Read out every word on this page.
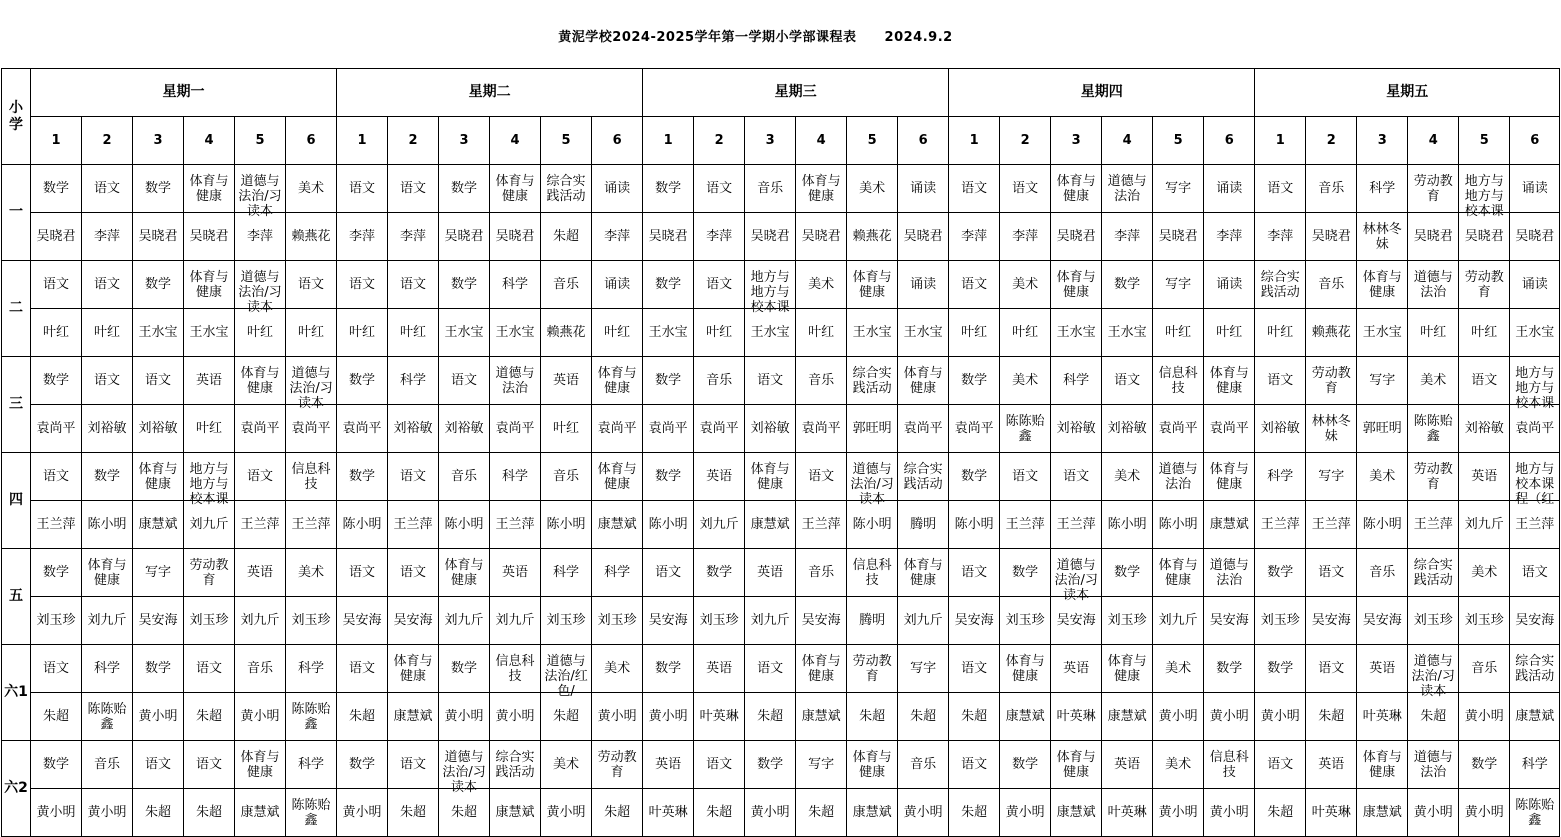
黄泥学校2024-2025学年第一学期小学部课程表 2024.9.2
小
学	星期一						星期二						星期三						星期四						星期五					
	1	2	3	4	5	6	1	2	3	4	5	6	1	2	3	4	5	6	1	2	3	4	5	6	1	2	3	4	5	6
一	数学	语文	数学	体育与健康	道德与法治/习读本	美术	语文	语文	数学	体育与健康	综合实践活动	诵读	数学	语文	音乐	体育与健康	美术	诵读	语文	语文	体育与健康	道德与法治	写字	诵读	语文	音乐	科学	劳动教育	地方与地方与校本课	诵读

	吴晓君	李萍	吴晓君	吴晓君	李萍	赖燕花	李萍	李萍	吴晓君	吴晓君	朱超	李萍	吴晓君	李萍	吴晓君	吴晓君	赖燕花	吴晓君	李萍	李萍	吴晓君	李萍	吴晓君	李萍	李萍	吴晓君	林林冬妹	吴晓君	吴晓君	吴晓君

二	语文	语文	数学	体育与健康	道德与法治/习读本	语文	语文	语文	数学	科学	音乐	诵读	数学	语文	地方与地方与校本课	美术	体育与健康	诵读	语文	美术	体育与健康	数学	写字	诵读	综合实践活动	音乐	体育与健康	道德与法治	劳动教育	诵读

	叶红	叶红	王水宝	王水宝	叶红	叶红	叶红	叶红	王水宝	王水宝	赖燕花	叶红	王水宝	叶红	王水宝	叶红	王水宝	王水宝	叶红	叶红	王水宝	王水宝	叶红	叶红	叶红	赖燕花	王水宝	叶红	叶红	王水宝

三	数学	语文	语文	英语	体育与健康	道德与法治/习读本	数学	科学	语文	道德与法治	英语	体育与健康	数学	音乐	语文	音乐	综合实践活动	体育与健康	数学	美术	科学	语文	信息科技	体育与健康	语文	劳动教育	写字	美术	语文	地方与地方与校本课

	袁尚平	刘裕敏	刘裕敏	叶红	袁尚平	袁尚平	袁尚平	刘裕敏	刘裕敏	袁尚平	叶红	袁尚平	袁尚平	袁尚平	刘裕敏	袁尚平	郭旺明	袁尚平	袁尚平	陈陈贻鑫	刘裕敏	刘裕敏	袁尚平	袁尚平	刘裕敏	林林冬妹	郭旺明	陈陈贻鑫	刘裕敏	袁尚平

四	语文	数学	体育与健康	地方与地方与校本课	语文	信息科技	数学	语文	音乐	科学	音乐	体育与健康	数学	英语	体育与健康	语文	道德与法治/习读本	综合实践活动	数学	语文	语文	美术	道德与法治	体育与健康	科学	写字	美术	劳动教育	英语	地方与校本课程（红

	王兰萍	陈小明	康慧斌	刘九斤	王兰萍	王兰萍	陈小明	王兰萍	陈小明	王兰萍	陈小明	康慧斌	陈小明	刘九斤	康慧斌	王兰萍	陈小明	腾明	陈小明	王兰萍	王兰萍	陈小明	陈小明	康慧斌	王兰萍	王兰萍	陈小明	王兰萍	刘九斤	王兰萍

五	数学	体育与健康	写字	劳动教育	英语	美术	语文	语文	体育与健康	英语	科学	科学	语文	数学	英语	音乐	信息科技	体育与健康	语文	数学	道德与法治/习读本	数学	体育与健康	道德与法治	数学	语文	音乐	综合实践活动	美术	语文

	刘玉珍	刘九斤	吴安海	刘玉珍	刘九斤	刘玉珍	吴安海	吴安海	刘九斤	刘九斤	刘玉珍	刘玉珍	吴安海	刘玉珍	刘九斤	吴安海	腾明	刘九斤	吴安海	刘玉珍	吴安海	刘玉珍	刘九斤	吴安海	刘玉珍	吴安海	吴安海	刘玉珍	刘玉珍	吴安海

六1	语文	科学	数学	语文	音乐	科学	语文	体育与健康	数学	信息科技	道德与法治/红色/	美术	数学	英语	语文	体育与健康	劳动教育	写字	语文	体育与健康	英语	体育与健康	美术	数学	数学	语文	英语	道德与法治/习读本	音乐	综合实践活动

	朱超	陈陈贻鑫	黄小明	朱超	黄小明	陈陈贻鑫	朱超	康慧斌	黄小明	黄小明	朱超	黄小明	黄小明	叶英琳	朱超	康慧斌	朱超	朱超	朱超	康慧斌	叶英琳	康慧斌	黄小明	黄小明	黄小明	朱超	叶英琳	朱超	黄小明	康慧斌

六2	数学	音乐	语文	语文	体育与健康	科学	数学	语文	道德与法治/习读本	综合实践活动	美术	劳动教育	英语	语文	数学	写字	体育与健康	音乐	语文	数学	体育与健康	英语	美术	信息科技	语文	英语	体育与健康	道德与法治	数学	科学

	黄小明	黄小明	朱超	朱超	康慧斌	陈陈贻鑫	黄小明	朱超	朱超	康慧斌	黄小明	朱超	叶英琳	朱超	黄小明	朱超	康慧斌	黄小明	朱超	黄小明	康慧斌	叶英琳	黄小明	黄小明	朱超	叶英琳	康慧斌	黄小明	黄小明	陈陈贻鑫
